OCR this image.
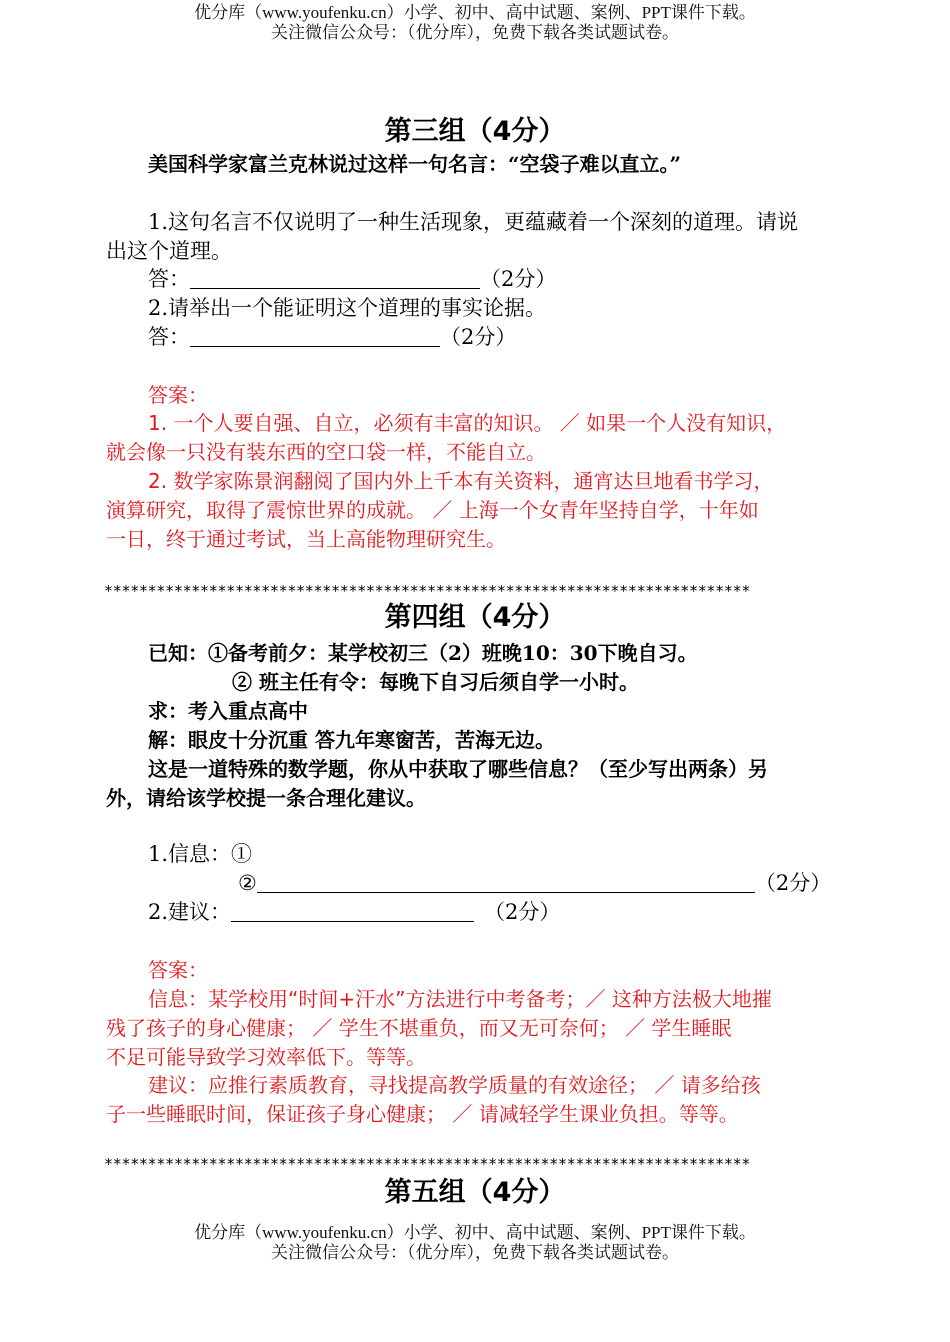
优分库（www.youfenku.cn）小学、初中、高中试题、案例、PPT课件下载。
关注微信公众号：（优分库），免费下载各类试题试卷。
第三组（4分）
美国科学家富兰克林说过这样一句名言：“空袋子难以直立。”
1.这句名言不仅说明了一种生活现象，更蕴藏着一个深刻的道理。请说
出这个道理。
答：	（2分）
2.请举出一个能证明这个道理的事实论据。
答：	（2分）
答案：
1. 一个人要自强、自立，必须有丰富的知识。 ／ 如果一个人没有知识，
就会像一只没有装东西的空口袋一样，不能自立。
2. 数学家陈景润翻阅了国内外上千本有关资料，通宵达旦地看书学习，
演算研究，取得了震惊世界的成就。 ／ 上海一个女青年坚持自学，十年如
一日，终于通过考试，当上高能物理研究生。
**************************************************************************
第四组（4分）
已知：①备考前夕：某学校初三（2）班晚10：30下晚自习。
② 班主任有令：每晚下自习后须自学一小时。
求：考入重点高中
解：眼皮十分沉重 答九年寒窗苦，苦海无边。
这是一道特殊的数学题，你从中获取了哪些信息？（至少写出两条）另
外，请给该学校提一条合理化建议。
1.信息：①
②	（2分）
2.建议：	（2分）
答案：
信息：某学校用“时间+汗水”方法进行中考备考；／ 这种方法极大地摧
残了孩子的身心健康； ／ 学生不堪重负，而又无可奈何； ／ 学生睡眠
不足可能导致学习效率低下。等等。
建议：应推行素质教育，寻找提高教学质量的有效途径； ／ 请多给孩
子一些睡眠时间，保证孩子身心健康； ／ 请减轻学生课业负担。等等。
**************************************************************************
第五组（4分）
优分库（www.youfenku.cn）小学、初中、高中试题、案例、PPT课件下载。
关注微信公众号：（优分库），免费下载各类试题试卷。
